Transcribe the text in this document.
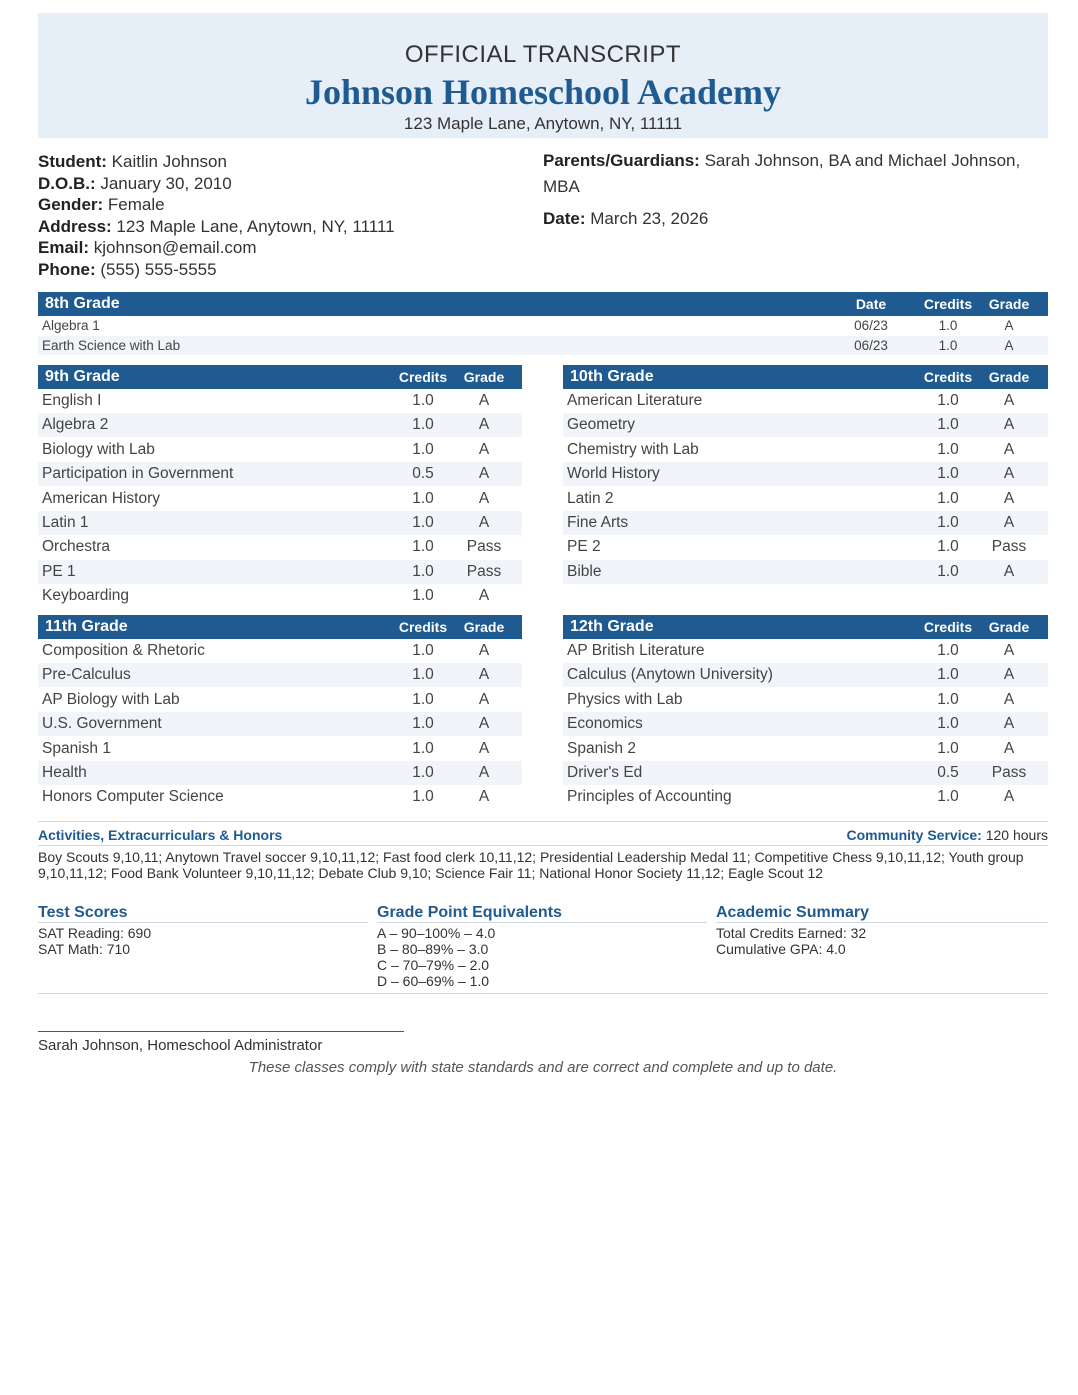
OFFICIAL TRANSCRIPT
Johnson Homeschool Academy
123 Maple Lane, Anytown, NY, 11111
Student: Kaitlin Johnson
D.O.B.: January 30, 2010
Gender: Female
Address: 123 Maple Lane, Anytown, NY, 11111
Email: kjohnson@email.com
Phone: (555) 555-5555
Parents/Guardians: Sarah Johnson, BA and Michael Johnson, MBA
Date: March 23, 2026
8th Grade	Date	Credits	Grade
Algebra 1	06/23	1.0	A
Earth Science with Lab	06/23	1.0	A
9th Grade	Credits	Grade
English I	1.0	A
Algebra 2	1.0	A
Biology with Lab	1.0	A
Participation in Government	0.5	A
American History	1.0	A
Latin 1	1.0	A
Orchestra	1.0	Pass
PE 1	1.0	Pass
Keyboarding	1.0	A
10th Grade	Credits	Grade
American Literature	1.0	A
Geometry	1.0	A
Chemistry with Lab	1.0	A
World History	1.0	A
Latin 2	1.0	A
Fine Arts	1.0	A
PE 2	1.0	Pass
Bible	1.0	A
11th Grade	Credits	Grade
Composition & Rhetoric	1.0	A
Pre-Calculus	1.0	A
AP Biology with Lab	1.0	A
U.S. Government	1.0	A
Spanish 1	1.0	A
Health	1.0	A
Honors Computer Science	1.0	A
12th Grade	Credits	Grade
AP British Literature	1.0	A
Calculus (Anytown University)	1.0	A
Physics with Lab	1.0	A
Economics	1.0	A
Spanish 2	1.0	A
Driver's Ed	0.5	Pass
Principles of Accounting	1.0	A
Activities, Extracurriculars & Honors	Community Service: 120 hours
Boy Scouts 9,10,11; Anytown Travel soccer 9,10,11,12; Fast food clerk 10,11,12; Presidential Leadership Medal 11; Competitive Chess 9,10,11,12; Youth group 9,10,11,12; Food Bank Volunteer 9,10,11,12; Debate Club 9,10; Science Fair 11; National Honor Society 11,12; Eagle Scout 12
Test Scores
SAT Reading: 690
SAT Math: 710
Grade Point Equivalents
A – 90–100% – 4.0
B – 80–89% – 3.0
C – 70–79% – 2.0
D – 60–69% – 1.0
Academic Summary
Total Credits Earned: 32
Cumulative GPA: 4.0
Sarah Johnson, Homeschool Administrator
These classes comply with state standards and are correct and complete and up to date.
